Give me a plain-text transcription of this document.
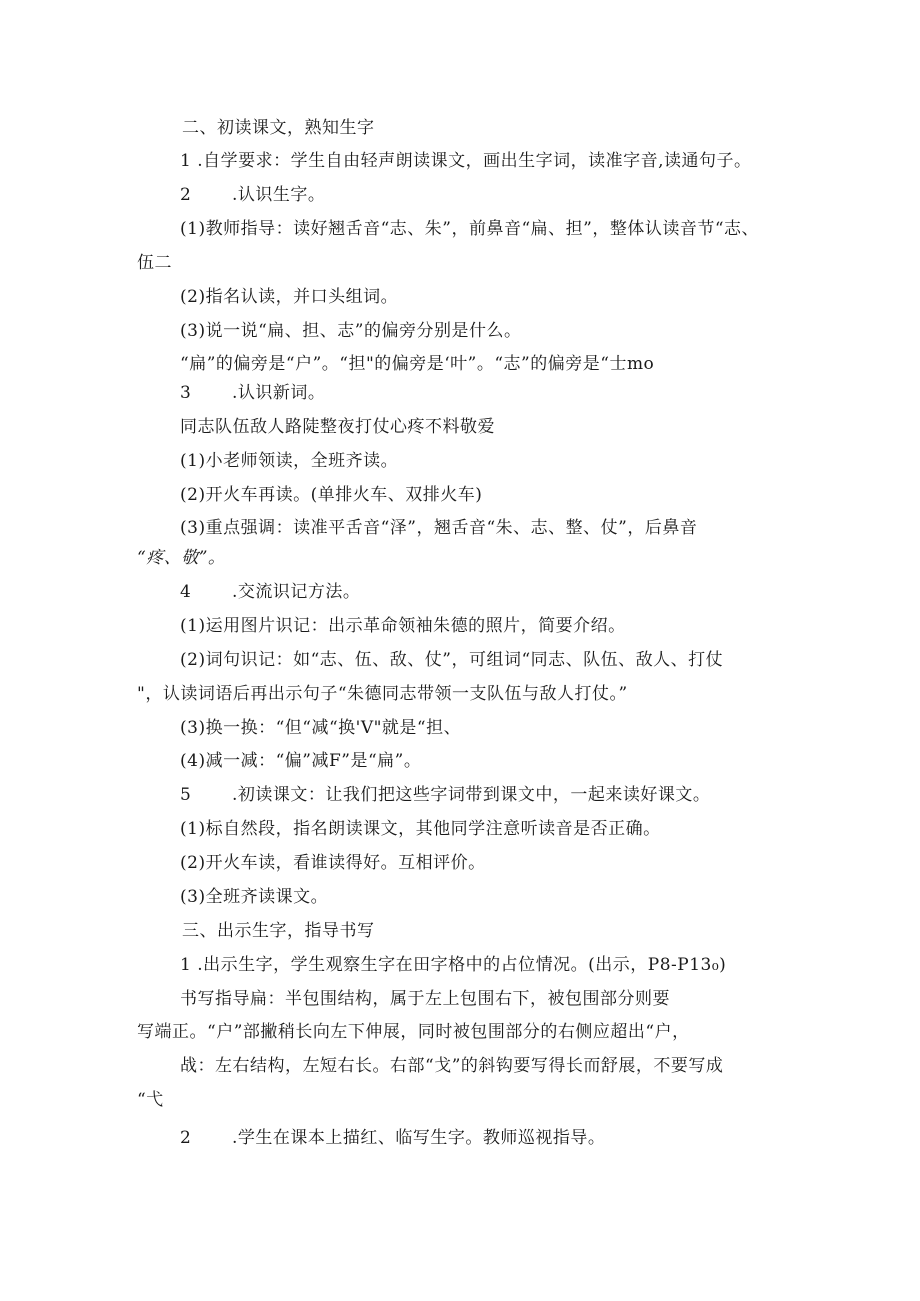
二、初读课文，熟知生字
1 .自学要求：学生自由轻声朗读课文，画出生字词，读准字音,读通句子。
2 .认识生字。
(1)教师指导：读好翘舌音“志、朱”，前鼻音“扁、担”，整体认读音节“志、
伍二
(2)指名认读，并口头组词。
(3)说一说“扁、担、志”的偏旁分别是什么。
“扁”的偏旁是“户”。“担"的偏旁是‘叶”。“志”的偏旁是“士mo
3 .认识新词。
同志队伍敌人路陡整夜打仗心疼不料敬爱
(1)小老师领读，全班齐读。
(2)开火车再读。(单排火车、双排火车)
(3)重点强调：读准平舌音“泽”，翘舌音“朱、志、整、仗”，后鼻音
“疼、敬”。
4 .交流识记方法。
(1)运用图片识记：出示革命领袖朱德的照片，简要介绍。
(2)词句识记：如“志、伍、敌、仗”，可组词“同志、队伍、敌人、打仗
"，认读词语后再出示句子“朱德同志带领一支队伍与敌人打仗。”
(3)换一换：“但“减“换'V"就是“担、
(4)减一减：“偏”减F”是“扁”。
5 .初读课文：让我们把这些字词带到课文中，一起来读好课文。
(1)标自然段，指名朗读课文，其他同学注意听读音是否正确。
(2)开火车读，看谁读得好。互相评价。
(3)全班齐读课文。
三、出示生字，指导书写
1 .出示生字，学生观察生字在田字格中的占位情况。(出示，P8-P13₀)
书写指导扁：半包围结构，属于左上包围右下，被包围部分则要
写端正。“户”部撇稍长向左下伸展，同时被包围部分的右侧应超出“户，
战：左右结构，左短右长。右部“戈”的斜钩要写得长而舒展，不要写成
“弋
2 .学生在课本上描红、临写生字。教师巡视指导。
